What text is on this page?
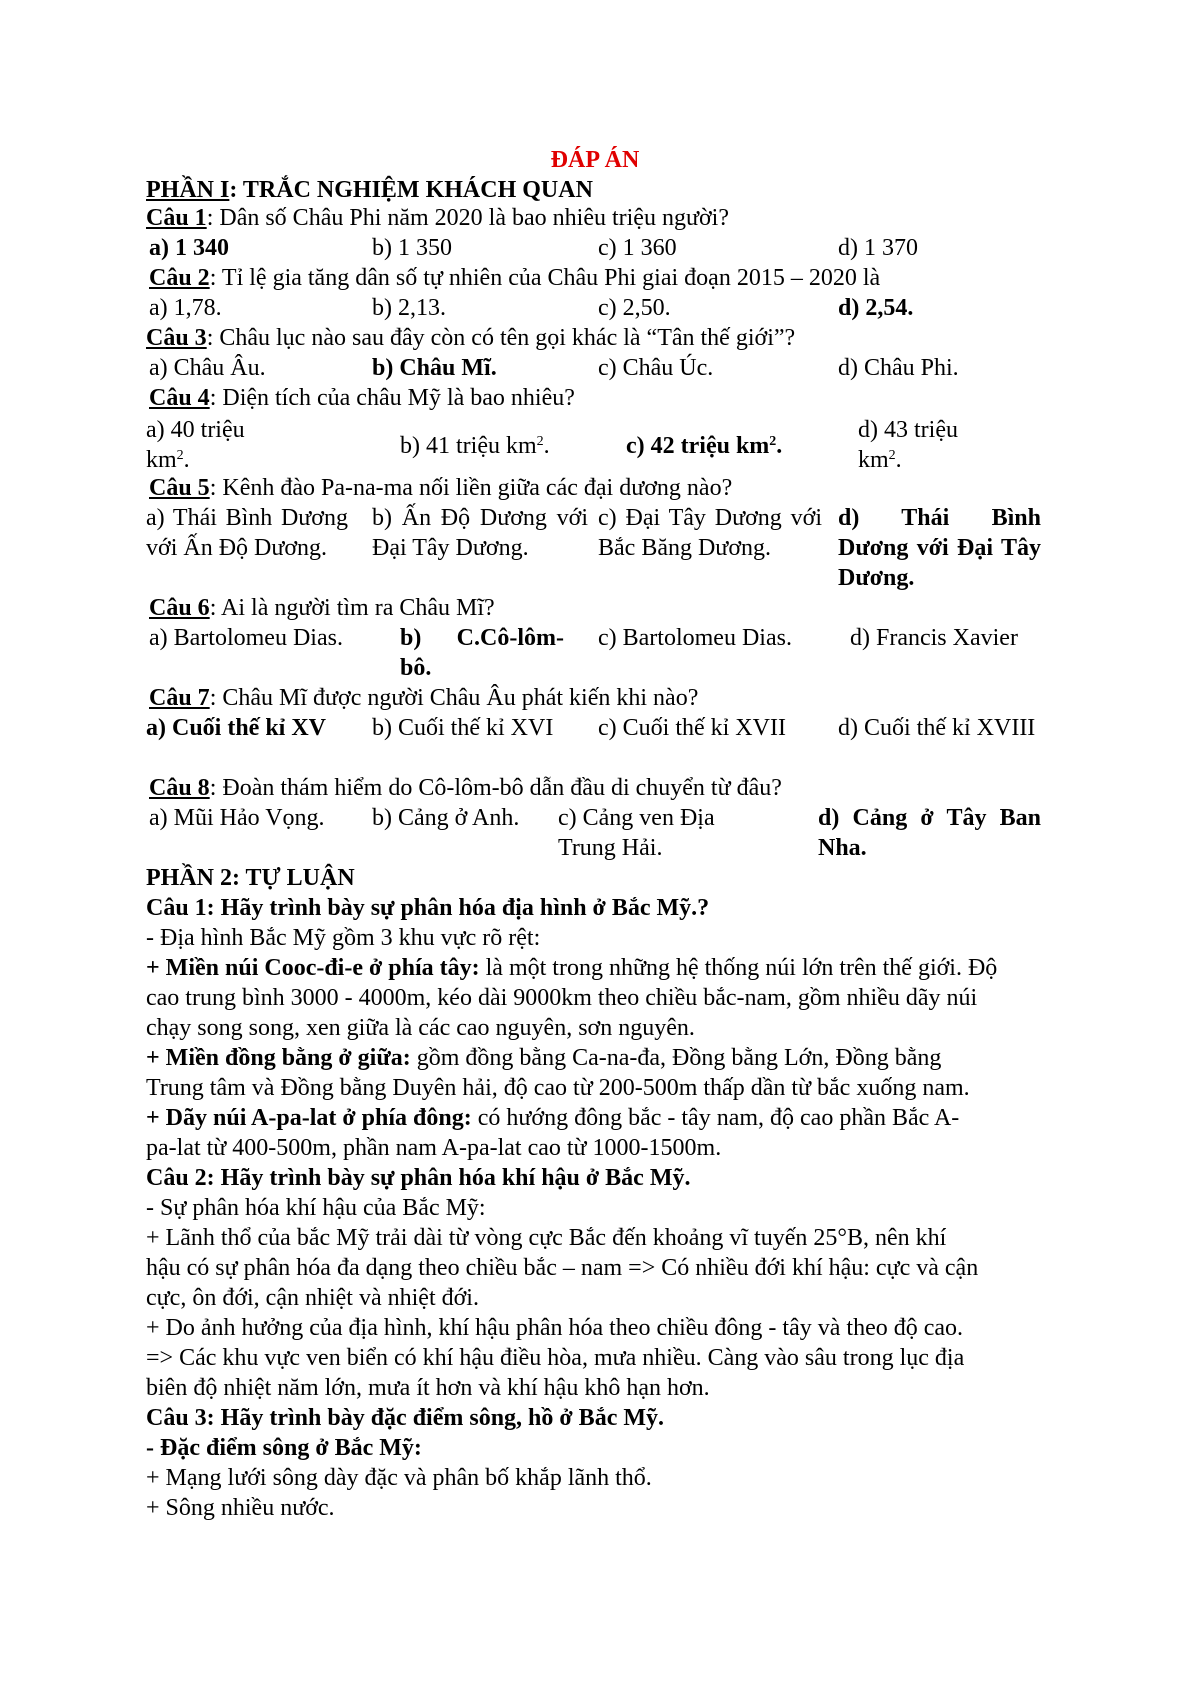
ĐÁP ÁN
PHẦN I: TRẮC NGHIỆM KHÁCH QUAN
Câu 1: Dân số Châu Phi năm 2020 là bao nhiêu triệu người?
a) 1 340	b) 1 350	c) 1 360	d) 1 370
Câu 2: Tỉ lệ gia tăng dân số tự nhiên của Châu Phi giai đoạn 2015 – 2020 là
a) 1,78.	b) 2,13.	c) 2,50.	d) 2,54.
Câu 3: Châu lục nào sau đây còn có tên gọi khác là “Tân thế giới”?
a) Châu Âu.	b) Châu Mĩ.	c) Châu Úc.	d) Châu Phi.
Câu 4: Diện tích của châu Mỹ là bao nhiêu?
a) 40 triệu
$km^2$.
b) 41 triệu $km^2$.	c) 42 triệu $km^2$.
d) 43 triệu
$km^2$.
Câu 5: Kênh đào Pa-na-ma nối liền giữa các đại dương nào?
a) Thái Bình Dương với Ấn Độ Dương.
b) Ấn Độ Dương với Đại Tây Dương.
c) Đại Tây Dương với Bắc Băng Dương.
d) Thái Bình Dương với Đại Tây Dương.
Câu 6: Ai là người tìm ra Châu Mĩ?
a) Bartolomeu Dias.	b) C.Cô-lôm-bô.
c) Bartolomeu Dias.	d) Francis Xavier
Câu 7: Châu Mĩ được người Châu Âu phát kiến khi nào?
a) Cuối thế kỉ XV	b) Cuối thế kỉ XVI	c) Cuối thế kỉ XVII	d) Cuối thế kỉ XVIII
Câu 8: Đoàn thám hiểm do Cô-lôm-bô dẫn đầu di chuyển từ đâu?
a) Mũi Hảo Vọng.	b) Cảng ở Anh.	c) Cảng ven Địa Trung Hải.
d) Cảng ở Tây Ban Nha.
PHẦN 2: TỰ LUẬN
Câu 1: Hãy trình bày sự phân hóa địa hình ở Bắc Mỹ.?
- Địa hình Bắc Mỹ gồm 3 khu vực rõ rệt:
+ Miền núi Cooc-đi-e ở phía tây: là một trong những hệ thống núi lớn trên thế giới. Độ
cao trung bình 3000 - 4000m, kéo dài 9000km theo chiều bắc-nam, gồm nhiều dãy núi
chạy song song, xen giữa là các cao nguyên, sơn nguyên.
+ Miền đồng bằng ở giữa: gồm đồng bằng Ca-na-đa, Đồng bằng Lớn, Đồng bằng
Trung tâm và Đồng bằng Duyên hải, độ cao từ 200-500m thấp dần từ bắc xuống nam.
+ Dãy núi A-pa-lat ở phía đông: có hướng đông bắc - tây nam, độ cao phần Bắc A-
pa-lat từ 400-500m, phần nam A-pa-lat cao từ 1000-1500m.
Câu 2: Hãy trình bày sự phân hóa khí hậu ở Bắc Mỹ.
- Sự phân hóa khí hậu của Bắc Mỹ:
+ Lãnh thổ của bắc Mỹ trải dài từ vòng cực Bắc đến khoảng vĩ tuyến 25°B, nên khí
hậu có sự phân hóa đa dạng theo chiều bắc – nam => Có nhiều đới khí hậu: cực và cận
cực, ôn đới, cận nhiệt và nhiệt đới.
+ Do ảnh hưởng của địa hình, khí hậu phân hóa theo chiều đông - tây và theo độ cao.
=> Các khu vực ven biển có khí hậu điều hòa, mưa nhiều. Càng vào sâu trong lục địa
biên độ nhiệt năm lớn, mưa ít hơn và khí hậu khô hạn hơn.
Câu 3: Hãy trình bày đặc điểm sông, hồ ở Bắc Mỹ.
- Đặc điểm sông ở Bắc Mỹ:
+ Mạng lưới sông dày đặc và phân bố khắp lãnh thổ.
+ Sông nhiều nước.
